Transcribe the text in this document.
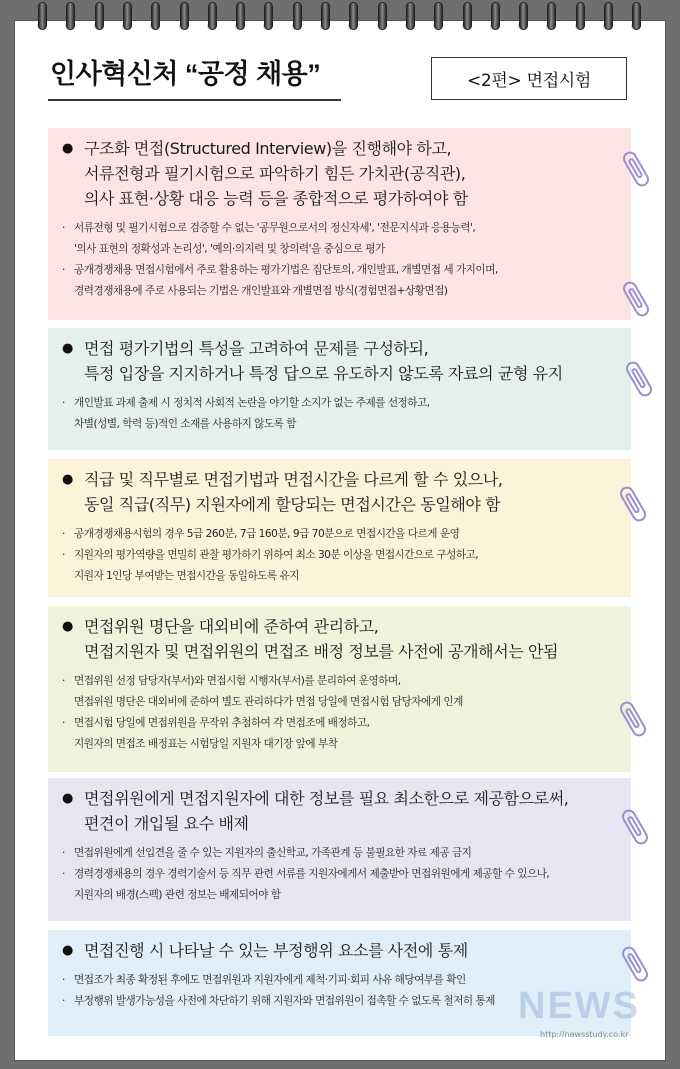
인사혁신처 “공정 채용”	<2편> 면접시험
● 구조화 면접(Structured Interview)을 진행해야 하고,
서류전형과 필기시험으로 파악하기 힘든 가치관(공직관),
의사 표현·상황 대응 능력 등을 종합적으로 평가하여야 함
· 서류전형 및 필기시험으로 검증할 수 없는 '공무원으로서의 정신자세', '전문지식과 응용능력',
'의사 표현의 정확성과 논리성', '예의·의지력 및 창의력'을 중심으로 평가
· 공개경쟁채용 면접시험에서 주로 활용하는 평가기법은 집단토의, 개인발표, 개별면접 세 가지이며,
경력경쟁채용에 주로 사용되는 기법은 개인발표와 개별면접 방식(경험면접+상황면접)
● 면접 평가기법의 특성을 고려하여 문제를 구성하되,
특정 입장을 지지하거나 특정 답으로 유도하지 않도록 자료의 균형 유지
· 개인발표 과제 출제 시 정치적 사회적 논란을 야기할 소지가 없는 주제를 선정하고,
차별(성별, 학력 등)적인 소재를 사용하지 않도록 함
● 직급 및 직무별로 면접기법과 면접시간을 다르게 할 수 있으나,
동일 직급(직무) 지원자에게 할당되는 면접시간은 동일해야 함
· 공개경쟁채용시험의 경우 5급 260분, 7급 160분, 9급 70분으로 면접시간을 다르게 운영
· 지원자의 평가역량을 면밀히 관찰 평가하기 위하여 최소 30분 이상을 면접시간으로 구성하고,
지원자 1인당 부여받는 면접시간을 동일하도록 유지
● 면접위원 명단을 대외비에 준하여 관리하고,
면접지원자 및 면접위원의 면접조 배정 정보를 사전에 공개해서는 안됨
· 면접위원 선정 담당자(부서)와 면접시험 시행자(부서)를 분리하여 운영하며,
면접위원 명단은 대외비에 준하여 별도 관리하다가 면접 당일에 면접시험 담당자에게 인계
· 면접시험 당일에 면접위원을 무작위 추첨하여 각 면접조에 배정하고,
지원자의 면접조 배정표는 시험당일 지원자 대기장 앞에 부착
● 면접위원에게 면접지원자에 대한 정보를 필요 최소한으로 제공함으로써,
편견이 개입될 요수 배제
· 면접위원에게 선입견을 줄 수 있는 지원자의 출신학교, 가족관계 등 불필요한 자료 제공 금지
· 경력경쟁채용의 경우 경력기술서 등 직무 관련 서류를 지원자에게서 제출받아 면접위원에게 제공할 수 있으나,
지원자의 배경(스펙) 관련 정보는 배제되어야 함
● 면접진행 시 나타날 수 있는 부정행위 요소를 사전에 통제
· 면접조가 최종 확정된 후에도 면접위원과 지원자에게 제척·기피·회피 사유 해당여부를 확인
· 부정행위 발생가능성을 사전에 차단하기 위해 지원자와 면접위원이 접촉할 수 없도록 철저히 통제 NEWS
http://newsstudy.co.kr
